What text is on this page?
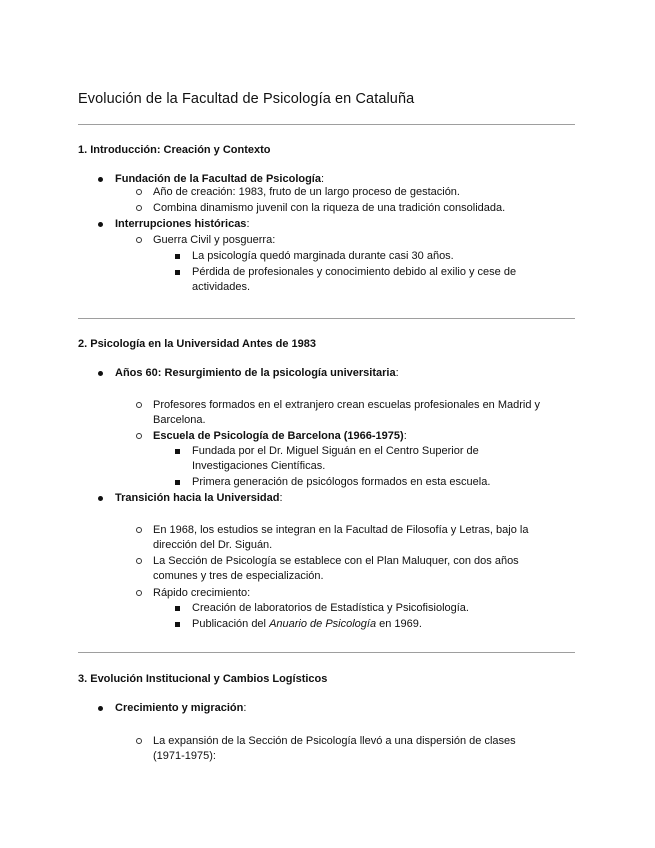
Evolución de la Facultad de Psicología en Cataluña
1. Introducción: Creación y Contexto

Fundación de la Facultad de Psicología:

Año de creación: 1983, fruto de un largo proceso de gestación.

Combina dinamismo juvenil con la riqueza de una tradición consolidada.

Interrupciones históricas:

Guerra Civil y posguerra:

La psicología quedó marginada durante casi 30 años.

Pérdida de profesionales y conocimiento debido al exilio y cese de

actividades.

2. Psicología en la Universidad Antes de 1983

Años 60: Resurgimiento de la psicología universitaria:

Profesores formados en el extranjero crean escuelas profesionales en Madrid y

Barcelona.

Escuela de Psicología de Barcelona (1966-1975):

Fundada por el Dr. Miguel Siguán en el Centro Superior de

Investigaciones Científicas.

Primera generación de psicólogos formados en esta escuela.

Transición hacia la Universidad:

En 1968, los estudios se integran en la Facultad de Filosofía y Letras, bajo la

dirección del Dr. Siguán.

La Sección de Psicología se establece con el Plan Maluquer, con dos años

comunes y tres de especialización.

Rápido crecimiento:

Creación de laboratorios de Estadística y Psicofisiología.

Publicación del Anuario de Psicología en 1969.

3. Evolución Institucional y Cambios Logísticos

Crecimiento y migración:

La expansión de la Sección de Psicología llevó a una dispersión de clases

(1971-1975):
